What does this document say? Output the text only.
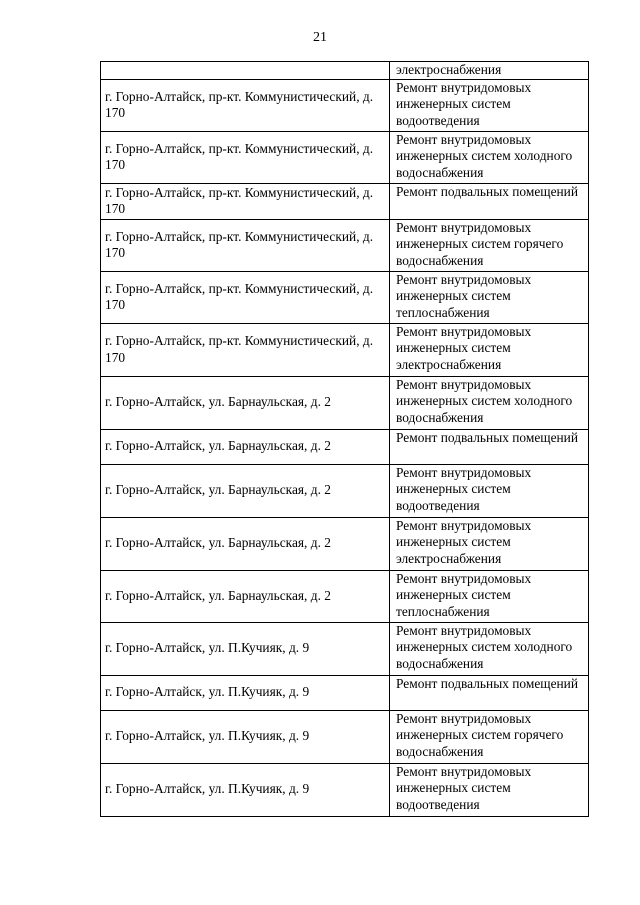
21
	электроснабжения
г. Горно-Алтайск, пр-кт. Коммунистический, д. 170	Ремонт внутридомовых инженерных систем водоотведения
г. Горно-Алтайск, пр-кт. Коммунистический, д. 170	Ремонт внутридомовых инженерных систем холодного водоснабжения
г. Горно-Алтайск, пр-кт. Коммунистический, д. 170	Ремонт подвальных помещений
г. Горно-Алтайск, пр-кт. Коммунистический, д. 170	Ремонт внутридомовых инженерных систем горячего водоснабжения
г. Горно-Алтайск, пр-кт. Коммунистический, д. 170	Ремонт внутридомовых инженерных систем теплоснабжения
г. Горно-Алтайск, пр-кт. Коммунистический, д. 170	Ремонт внутридомовых инженерных систем электроснабжения
г. Горно-Алтайск, ул. Барнаульская, д. 2	Ремонт внутридомовых инженерных систем холодного водоснабжения
г. Горно-Алтайск, ул. Барнаульская, д. 2	Ремонт подвальных помещений
г. Горно-Алтайск, ул. Барнаульская, д. 2	Ремонт внутридомовых инженерных систем водоотведения
г. Горно-Алтайск, ул. Барнаульская, д. 2	Ремонт внутридомовых инженерных систем электроснабжения
г. Горно-Алтайск, ул. Барнаульская, д. 2	Ремонт внутридомовых инженерных систем теплоснабжения
г. Горно-Алтайск, ул. П.Кучияк, д. 9	Ремонт внутридомовых инженерных систем холодного водоснабжения
г. Горно-Алтайск, ул. П.Кучияк, д. 9	Ремонт подвальных помещений
г. Горно-Алтайск, ул. П.Кучияк, д. 9	Ремонт внутридомовых инженерных систем горячего водоснабжения
г. Горно-Алтайск, ул. П.Кучияк, д. 9	Ремонт внутридомовых инженерных систем водоотведения
